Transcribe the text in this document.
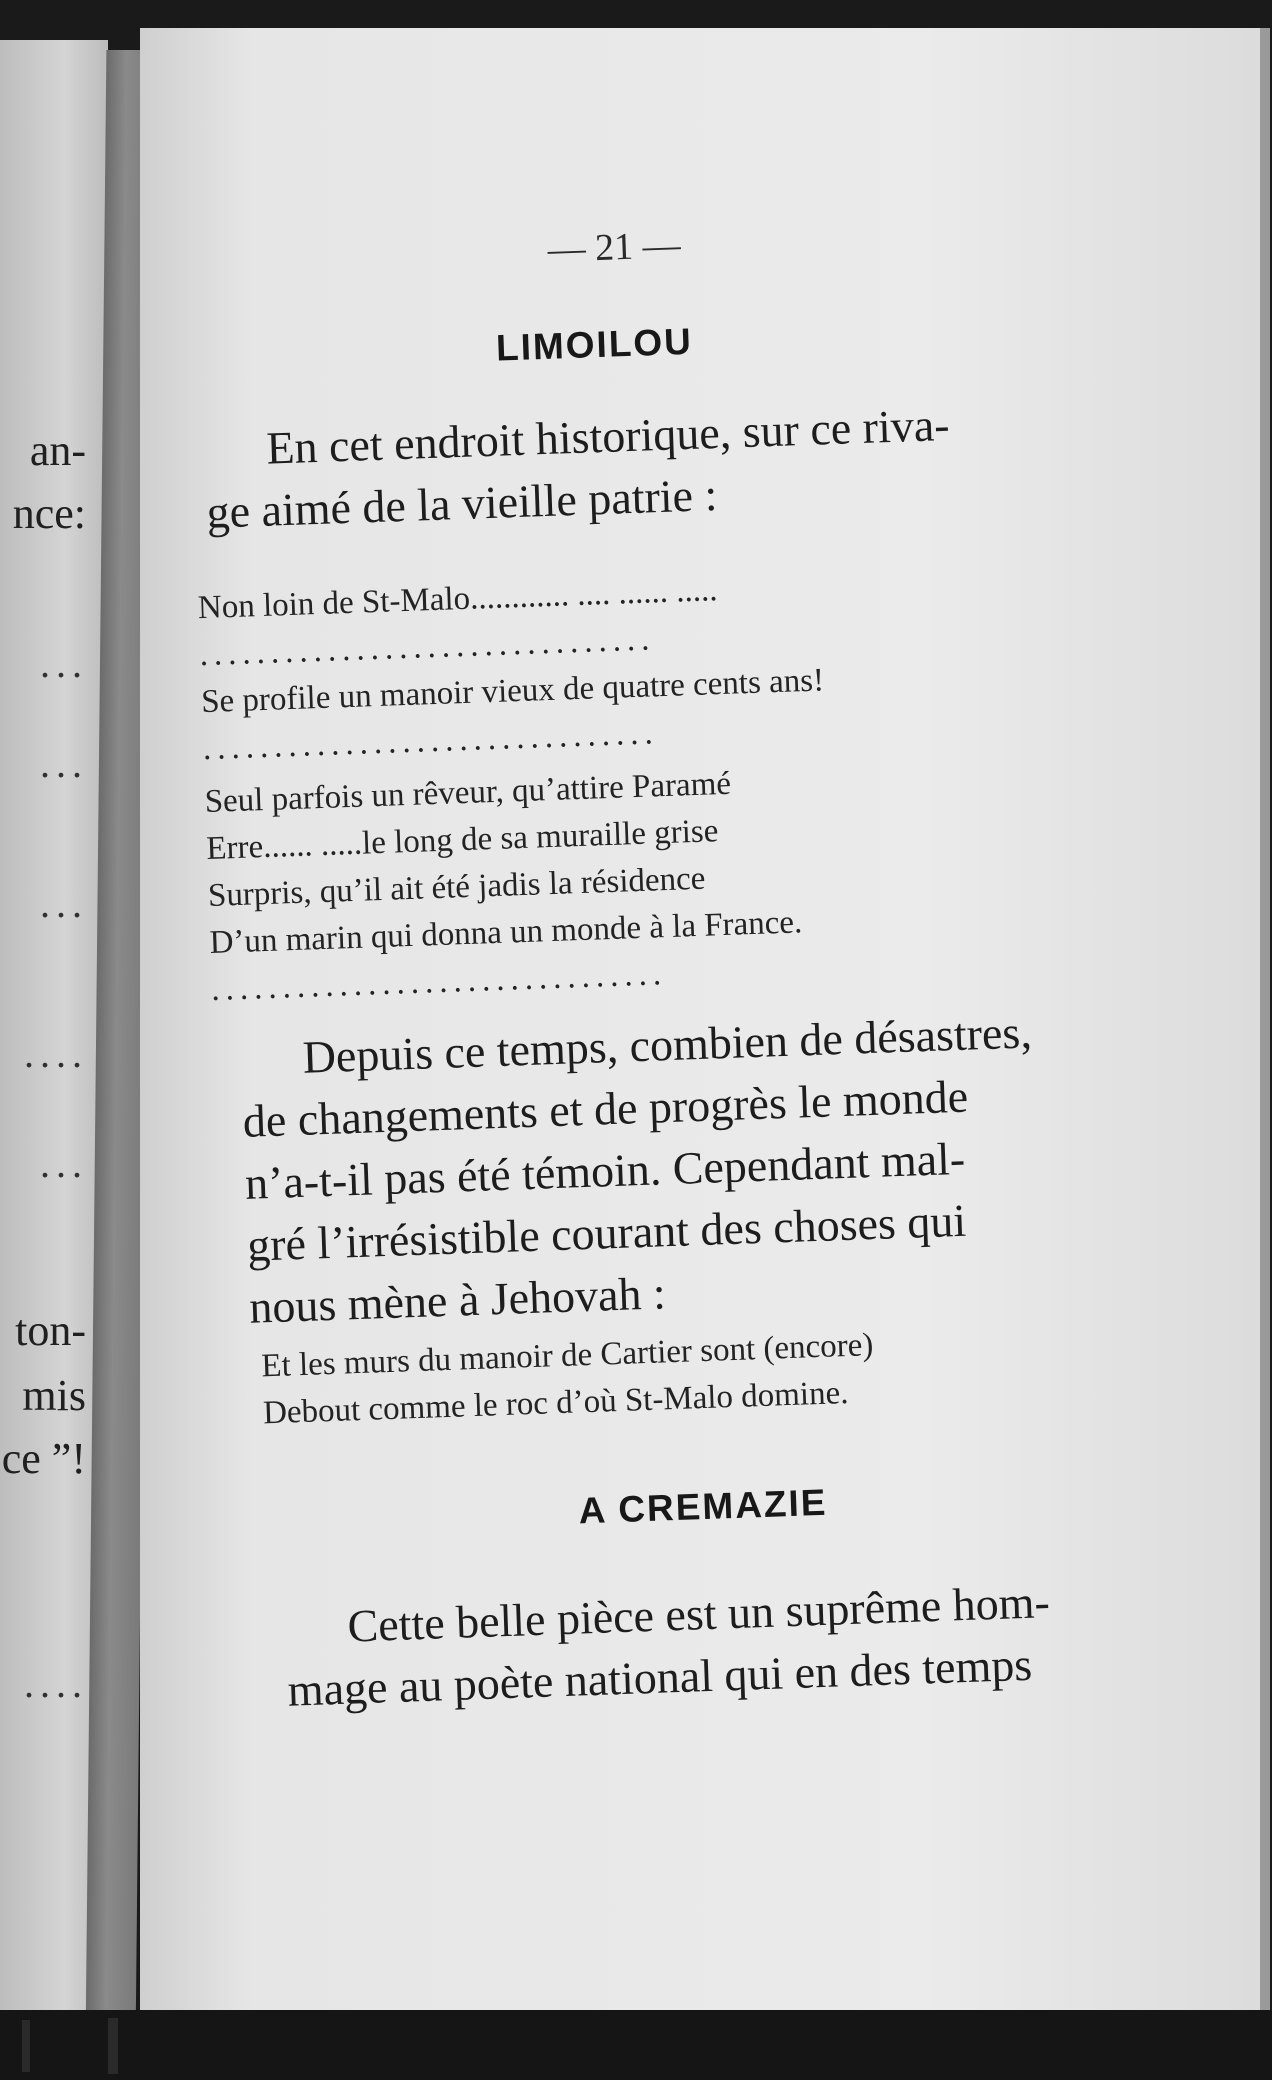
an-
nce:
...
...
...
....
...
ton-
mis
ce ”!
....
— 21 —
LIMOILOU
En cet endroit historique, sur ce riva-
ge aimé de la vieille patrie :
Non loin de St-Malo............ .... ...... .....
................................
Se profile un manoir vieux de quatre cents ans!
................................
Seul parfois un rêveur, qu’attire Paramé
Erre...... .....le long de sa muraille grise
Surpris, qu’il ait été jadis la résidence
D’un marin qui donna un monde à la France.
................................
Depuis ce temps, combien de désastres,
de changements et de progrès le monde
n’a-t-il pas été témoin. Cependant mal-
gré l’irrésistible courant des choses qui
nous mène à Jehovah :
Et les murs du manoir de Cartier sont (encore)
Debout comme le roc d’où St-Malo domine.
A CREMAZIE
Cette belle pièce est un suprême hom-
mage au poète national qui en des temps
